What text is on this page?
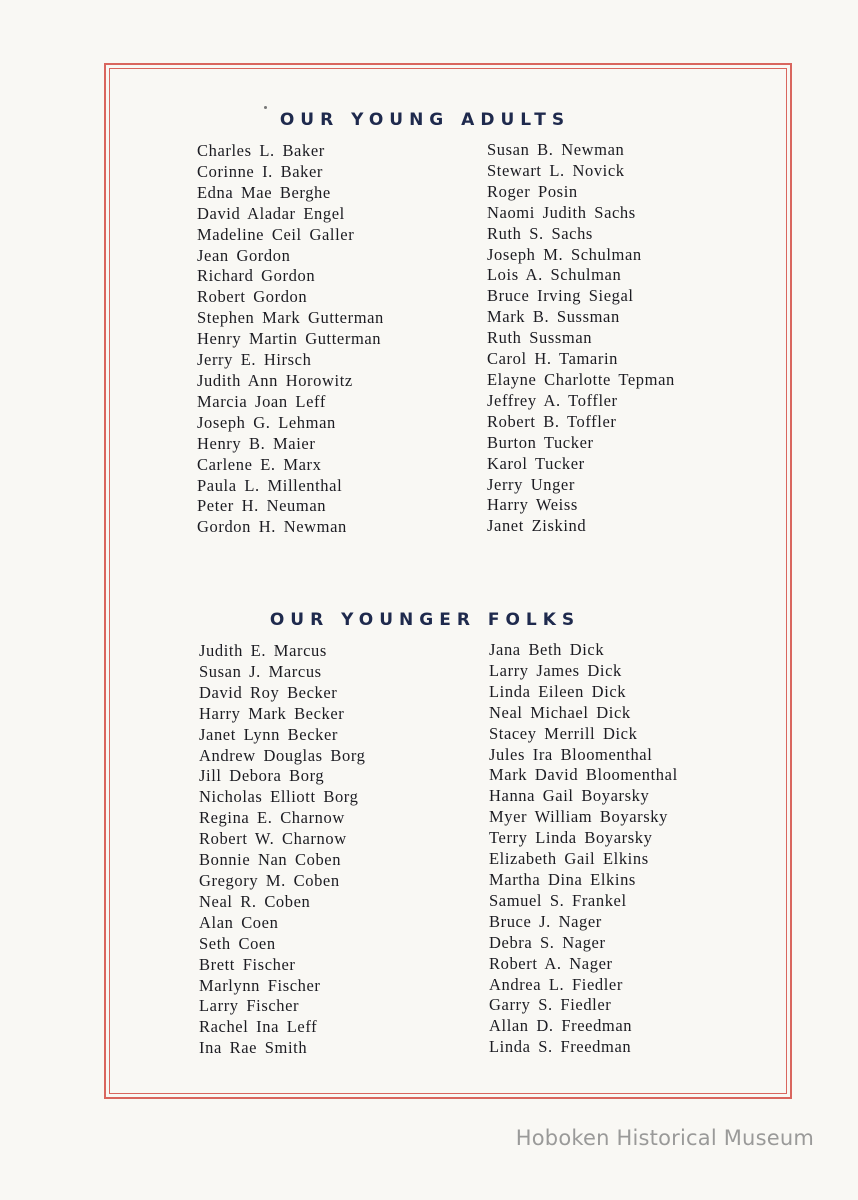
OUR YOUNG ADULTS
Charles L. Baker
Corinne I. Baker
Edna Mae Berghe
David Aladar Engel
Madeline Ceil Galler
Jean Gordon
Richard Gordon
Robert Gordon
Stephen Mark Gutterman
Henry Martin Gutterman
Jerry E. Hirsch
Judith Ann Horowitz
Marcia Joan Leff
Joseph G. Lehman
Henry B. Maier
Carlene E. Marx
Paula L. Millenthal
Peter H. Neuman
Gordon H. Newman
Susan B. Newman
Stewart L. Novick
Roger Posin
Naomi Judith Sachs
Ruth S. Sachs
Joseph M. Schulman
Lois A. Schulman
Bruce Irving Siegal
Mark B. Sussman
Ruth Sussman
Carol H. Tamarin
Elayne Charlotte Tepman
Jeffrey A. Toffler
Robert B. Toffler
Burton Tucker
Karol Tucker
Jerry Unger
Harry Weiss
Janet Ziskind
OUR YOUNGER FOLKS
Judith E. Marcus
Susan J. Marcus
David Roy Becker
Harry Mark Becker
Janet Lynn Becker
Andrew Douglas Borg
Jill Debora Borg
Nicholas Elliott Borg
Regina E. Charnow
Robert W. Charnow
Bonnie Nan Coben
Gregory M. Coben
Neal R. Coben
Alan Coen
Seth Coen
Brett Fischer
Marlynn Fischer
Larry Fischer
Rachel Ina Leff
Ina Rae Smith
Jana Beth Dick
Larry James Dick
Linda Eileen Dick
Neal Michael Dick
Stacey Merrill Dick
Jules Ira Bloomenthal
Mark David Bloomenthal
Hanna Gail Boyarsky
Myer William Boyarsky
Terry Linda Boyarsky
Elizabeth Gail Elkins
Martha Dina Elkins
Samuel S. Frankel
Bruce J. Nager
Debra S. Nager
Robert A. Nager
Andrea L. Fiedler
Garry S. Fiedler
Allan D. Freedman
Linda S. Freedman
Hoboken Historical Museum
